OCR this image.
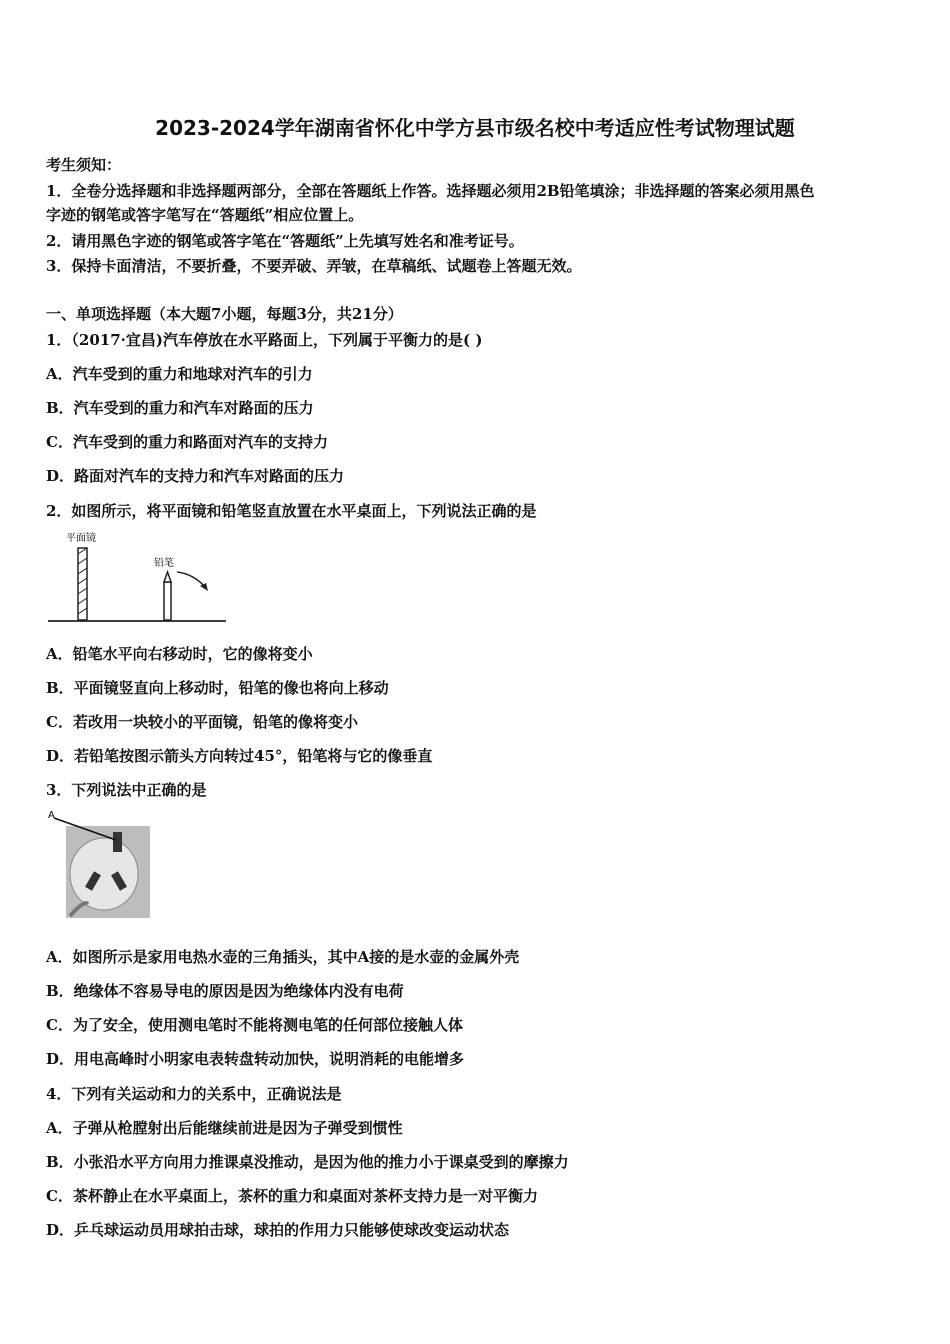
2023-2024学年湖南省怀化中学方县市级名校中考适应性考试物理试题
考生须知：
1．全卷分选择题和非选择题两部分，全部在答题纸上作答。选择题必须用2B铅笔填涂；非选择题的答案必须用黑色
字迹的钢笔或答字笔写在“答题纸”相应位置上。
2．请用黑色字迹的钢笔或答字笔在“答题纸”上先填写姓名和准考证号。
3．保持卡面清洁，不要折叠，不要弄破、弄皱，在草稿纸、试题卷上答题无效。
一、单项选择题（本大题7小题，每题3分，共21分）
1．（2017·宜昌)汽车停放在水平路面上，下列属于平衡力的是( )
A．汽车受到的重力和地球对汽车的引力
B．汽车受到的重力和汽车对路面的压力
C．汽车受到的重力和路面对汽车的支持力
D．路面对汽车的支持力和汽车对路面的压力
2．如图所示，将平面镜和铅笔竖直放置在水平桌面上，下列说法正确的是
平面镜
铅笔
A．铅笔水平向右移动时，它的像将变小
B．平面镜竖直向上移动时，铅笔的像也将向上移动
C．若改用一块较小的平面镜，铅笔的像将变小
D．若铅笔按图示箭头方向转过45°，铅笔将与它的像垂直
3．下列说法中正确的是
A
A．如图所示是家用电热水壶的三角插头，其中A接的是水壶的金属外壳
B．绝缘体不容易导电的原因是因为绝缘体内没有电荷
C．为了安全，使用测电笔时不能将测电笔的任何部位接触人体
D．用电高峰时小明家电表转盘转动加快，说明消耗的电能增多
4．下列有关运动和力的关系中，正确说法是
A．子弹从枪膛射出后能继续前进是因为子弹受到惯性
B．小张沿水平方向用力推课桌没推动，是因为他的推力小于课桌受到的摩擦力
C．茶杯静止在水平桌面上，茶杯的重力和桌面对茶杯支持力是一对平衡力
D．乒乓球运动员用球拍击球，球拍的作用力只能够使球改变运动状态
